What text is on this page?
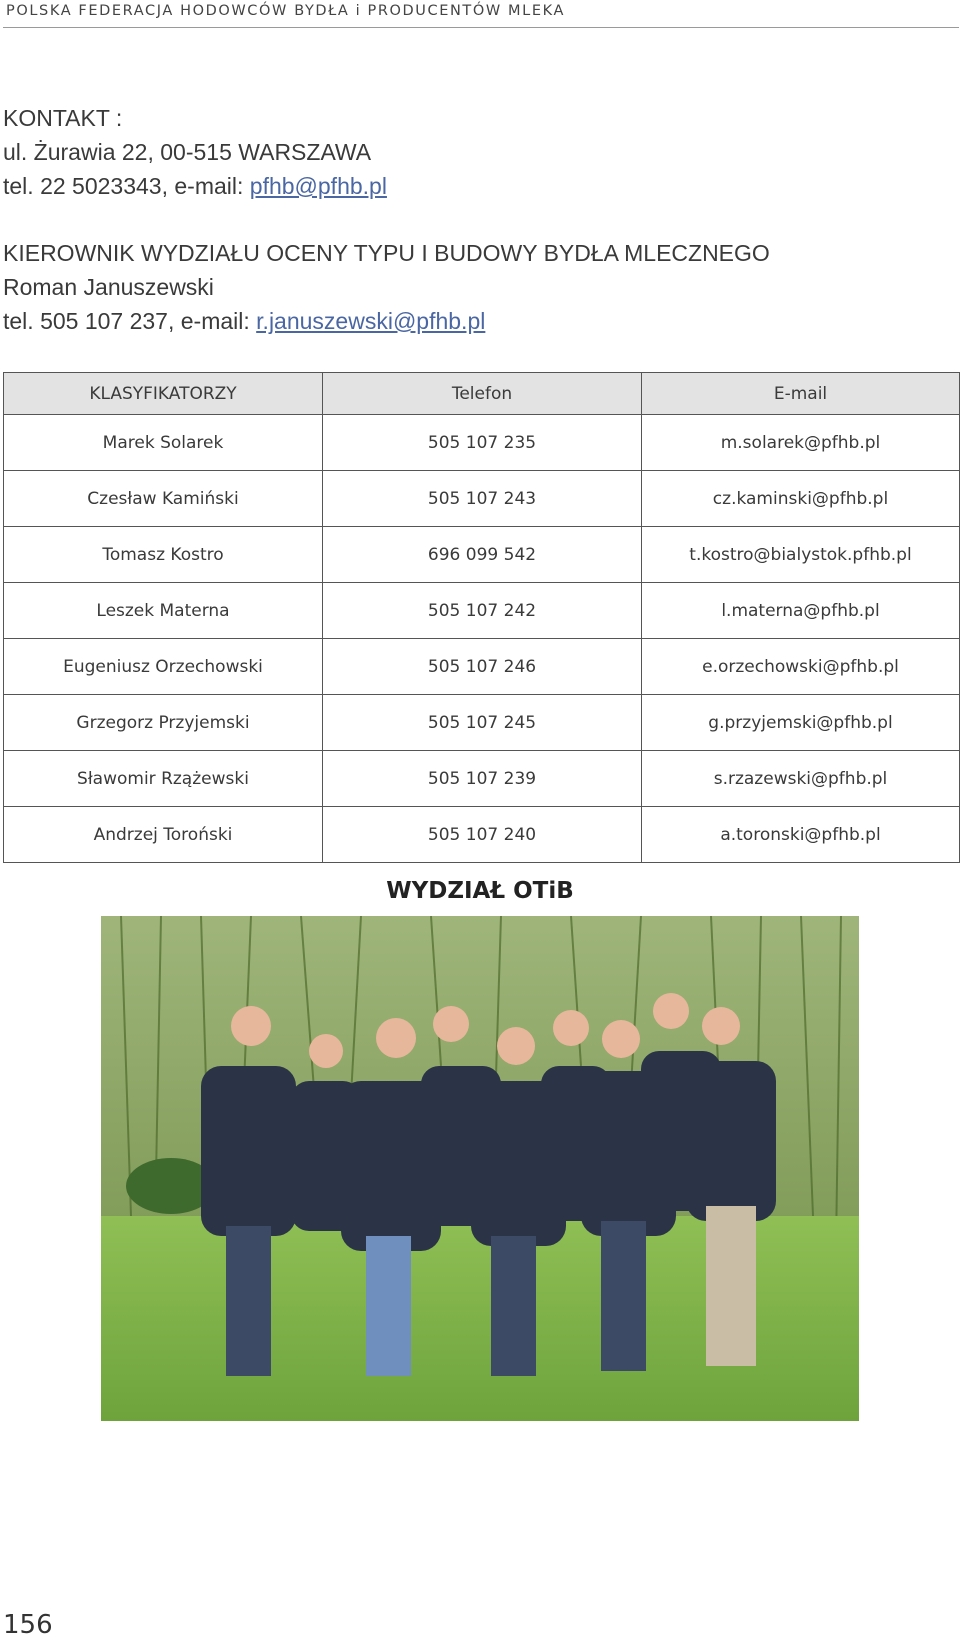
POLSKA FEDERACJA HODOWCÓW BYDŁA i PRODUCENTÓW MLEKA
KONTAKT :
ul. Żurawia 22, 00-515 WARSZAWA
tel. 22 5023343, e-mail: pfhb@pfhb.pl
KIEROWNIK WYDZIAŁU OCENY TYPU I BUDOWY BYDŁA MLECZNEGO
Roman Januszewski
tel. 505 107 237, e-mail: r.januszewski@pfhb.pl
KLASYFIKATORZY	Telefon	E-mail
Marek Solarek	505 107 235	m.solarek@pfhb.pl
Czesław Kamiński	505 107 243	cz.kaminski@pfhb.pl
Tomasz Kostro	696 099 542	t.kostro@bialystok.pfhb.pl
Leszek Materna	505 107 242	l.materna@pfhb.pl
Eugeniusz Orzechowski	505 107 246	e.orzechowski@pfhb.pl
Grzegorz Przyjemski	505 107 245	g.przyjemski@pfhb.pl
Sławomir Rzążewski	505 107 239	s.rzazewski@pfhb.pl
Andrzej Toroński	505 107 240	a.toronski@pfhb.pl
WYDZIAŁ OTiB
156
